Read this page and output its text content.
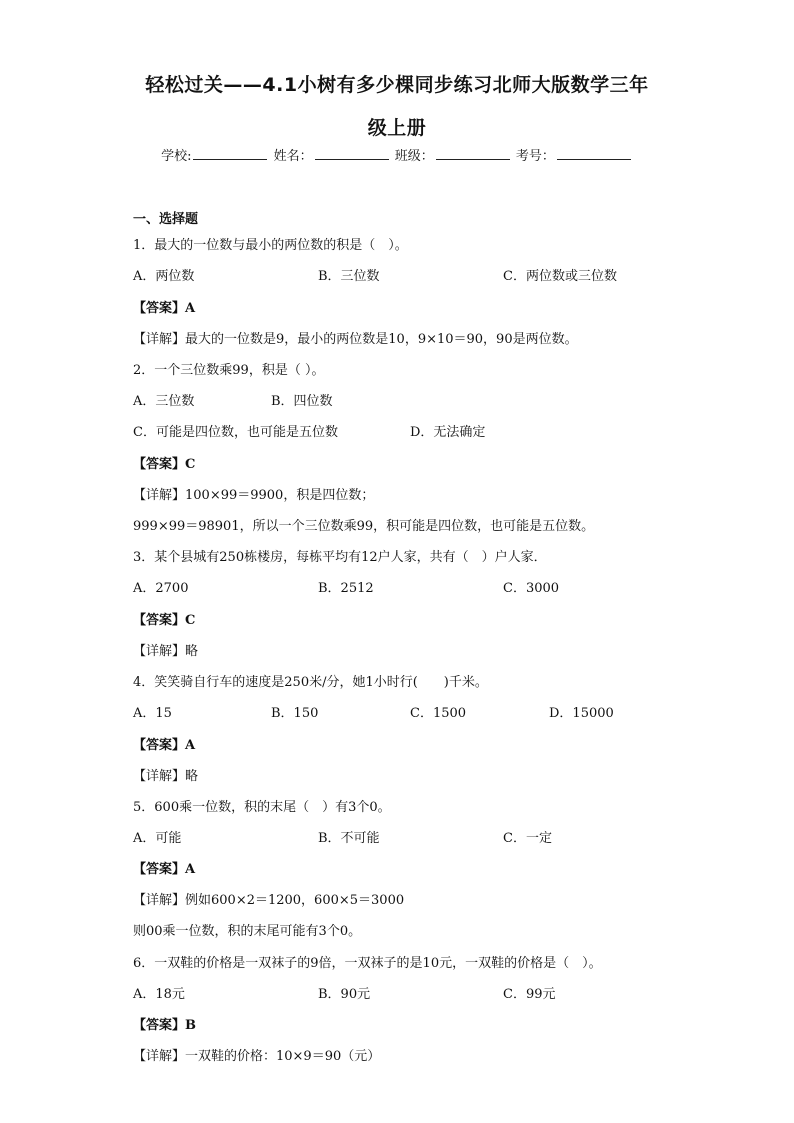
轻松过关——4.1小树有多少棵同步练习北师大版数学三年
级上册
学校:	姓名：	班级：	考号：
一、选择题
1．最大的一位数与最小的两位数的积是（　）。
A．两位数	B．三位数	C．两位数或三位数
【答案】A
【详解】最大的一位数是9，最小的两位数是10，9×10＝90，90是两位数。
2．一个三位数乘99，积是（ ）。
A．三位数	B．四位数
C．可能是四位数，也可能是五位数	D．无法确定
【答案】C
【详解】100×99＝9900，积是四位数；
999×99＝98901，所以一个三位数乘99，积可能是四位数，也可能是五位数。
3．某个县城有250栋楼房，每栋平均有12户人家，共有（　）户人家．
A．2700	B．2512	C．3000
【答案】C
【详解】略
4．笑笑骑自行车的速度是250米/分，她1小时行(　　)千米。
A．15	B．150	C．1500	D．15000
【答案】A
【详解】略
5．600乘一位数，积的末尾（　）有3个0。
A．可能	B．不可能	C．一定
【答案】A
【详解】例如600×2＝1200，600×5＝3000
则00乘一位数，积的末尾可能有3个0。
6．一双鞋的价格是一双袜子的9倍，一双袜子的是10元，一双鞋的价格是（　）。
A．18元	B．90元	C．99元
【答案】B
【详解】一双鞋的价格：10×9＝90（元）
